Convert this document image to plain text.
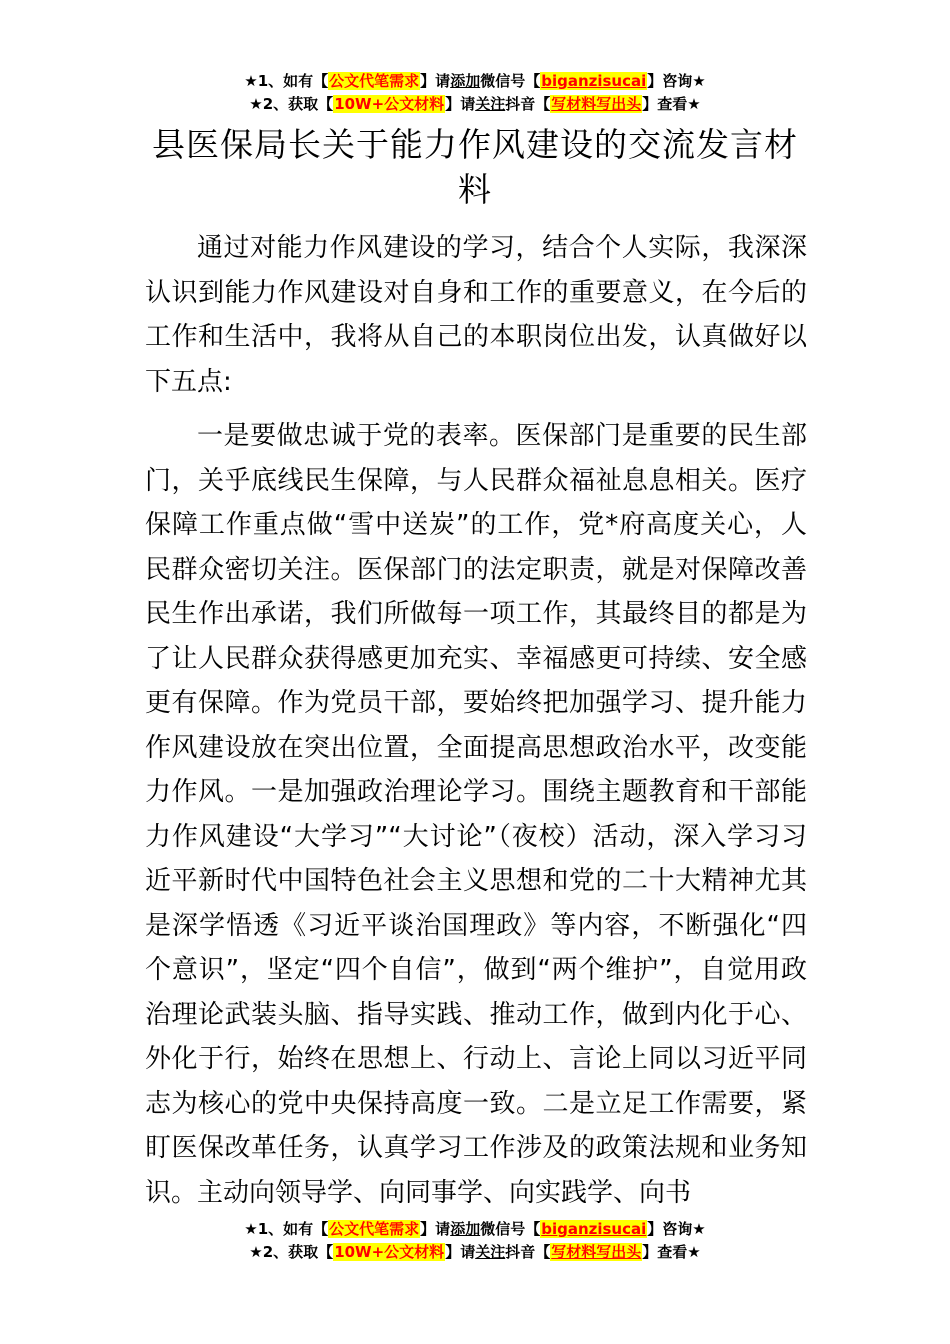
★1、如有【公文代笔需求】请添加微信号【biganzisucai】咨询★
★2、获取【10W+公文材料】请关注抖音【写材料写出头】查看★
县医保局长关于能力作风建设的交流发言材料

通过对能力作风建设的学习，结合个人实际，我深深认识到能力作风建设对自身和工作的重要意义，在今后的工作和生活中，我将从自己的本职岗位出发，认真做好以下五点:

一是要做忠诚于党的表率。医保部门是重要的民生部门，关乎底线民生保障，与人民群众福祉息息相关。医疗保障工作重点做“雪中送炭”的工作，党*府高度关心，人民群众密切关注。医保部门的法定职责，就是对保障改善民生作出承诺，我们所做每一项工作，其最终目的都是为了让人民群众获得感更加充实、幸福感更可持续、安全感更有保障。作为党员干部，要始终把加强学习、提升能力作风建设放在突出位置，全面提高思想政治水平，改变能力作风。一是加强政治理论学习。围绕主题教育和干部能力作风建设“大学习”“大讨论”（夜校）活动，深入学习习近平新时代中国特色社会主义思想和党的二十大精神尤其是深学悟透《习近平谈治国理政》等内容，不断强化“四个意识”，坚定“四个自信”，做到“两个维护”，自觉用政治理论武装头脑、指导实践、推动工作，做到内化于心、外化于行，始终在思想上、行动上、言论上同以习近平同志为核心的党中央保持高度一致。二是立足工作需要，紧盯医保改革任务，认真学习工作涉及的政策法规和业务知识。主动向领导学、向同事学、向实践学、向书

★1、如有【公文代笔需求】请添加微信号【biganzisucai】咨询★
★2、获取【10W+公文材料】请关注抖音【写材料写出头】查看★
